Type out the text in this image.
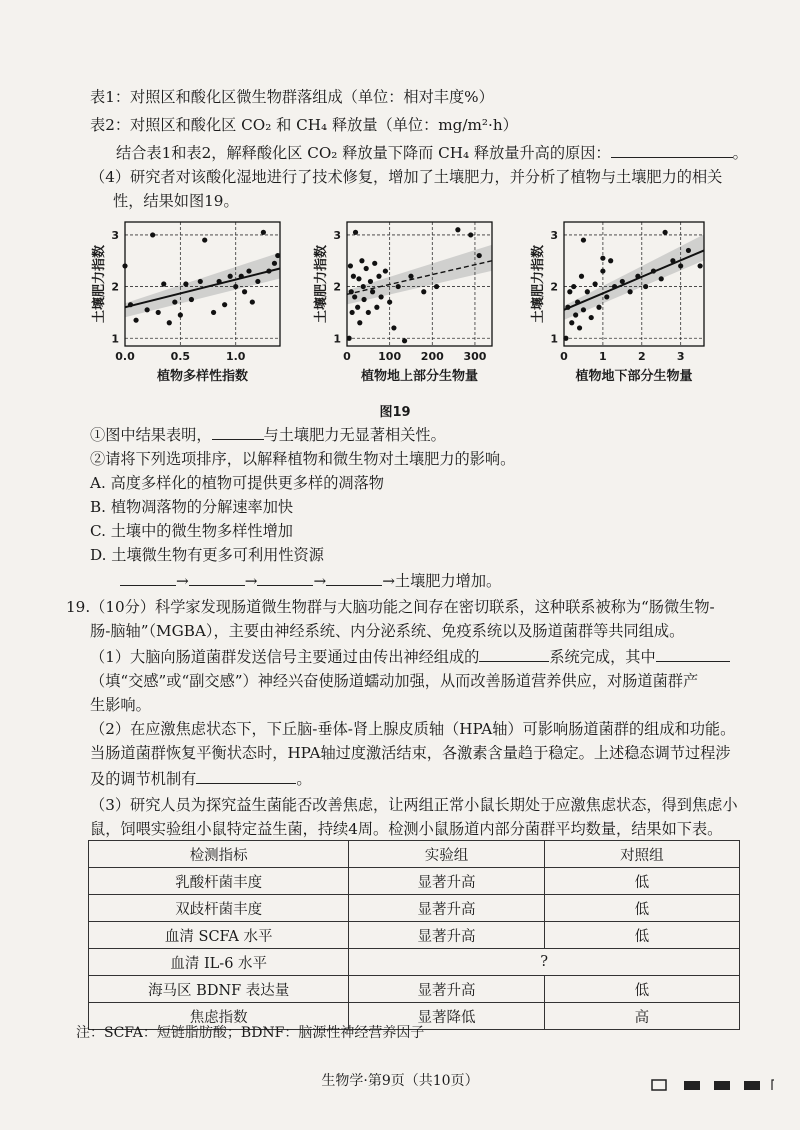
表1：对照区和酸化区微生物群落组成（单位：相对丰度%）
表2：对照区和酸化区 CO₂ 和 CH₄ 释放量（单位：mg/m²·h）
结合表1和表2，解释酸化区 CO₂ 释放量下降而 CH₄ 释放量升高的原因：	。
（4）研究者对该酸化湿地进行了技术修复，增加了土壤肥力，并分析了植物与土壤肥力的相关
性，结果如图19。
0.0	0.5	1.0
1
2
3
植物多样性指数
土壤肥力指数
0 100 200 300
1
2
3
植物地上部分生物量
土壤肥力指数
0	1	2	3
1
2
3
植物地下部分生物量
土壤肥力指数
图19
①图中结果表明，	与土壤肥力无显著相关性。
②请将下列选项排序，以解释植物和微生物对土壤肥力的影响。
A. 高度多样化的植物可提供更多样的凋落物
B. 植物凋落物的分解速率加快
C. 土壤中的微生物多样性增加
D. 土壤微生物有更多可利用性资源
→	→	→	→土壤肥力增加。
19.（10分）科学家发现肠道微生物群与大脑功能之间存在密切联系，这种联系被称为“肠微生物-
肠-脑轴”（MGBA），主要由神经系统、内分泌系统、免疫系统以及肠道菌群等共同组成。
（1）大脑向肠道菌群发送信号主要通过由传出神经组成的	系统完成，其中
（填“交感”或“副交感”）神经兴奋使肠道蠕动加强，从而改善肠道营养供应，对肠道菌群产
生影响。
（2）在应激焦虑状态下，下丘脑-垂体-肾上腺皮质轴（HPA轴）可影响肠道菌群的组成和功能。
当肠道菌群恢复平衡状态时，HPA轴过度激活结束，各激素含量趋于稳定。上述稳态调节过程涉
及的调节机制有	。
（3）研究人员为探究益生菌能否改善焦虑，让两组正常小鼠长期处于应激焦虑状态，得到焦虑小
鼠，饲喂实验组小鼠特定益生菌，持续4周。检测小鼠肠道内部分菌群平均数量，结果如下表。
检测指标	实验组	对照组
乳酸杆菌丰度	显著升高	低
双歧杆菌丰度	显著升高	低
血清 SCFA 水平	显著升高	低
血清 IL-6 水平	?	
海马区 BDNF 表达量	显著升高	低
焦虑指数	显著降低	高
注：SCFA：短链脂肪酸；BDNF：脑源性神经营养因子
生物学·第9页（共10页）
